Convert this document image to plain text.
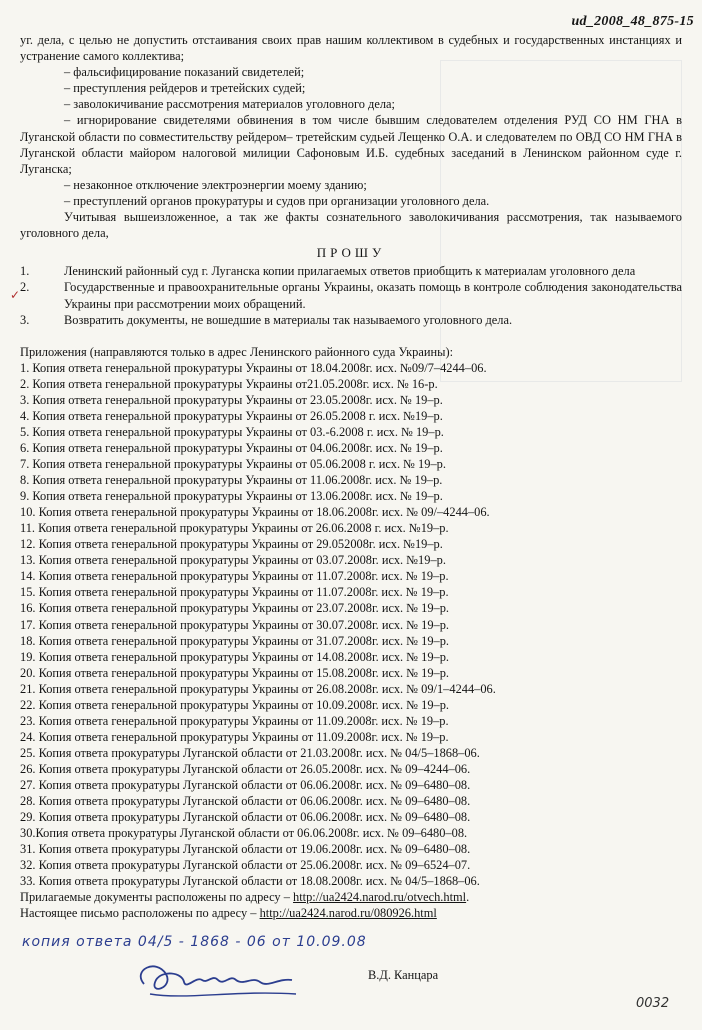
ud_2008_48_875-15
✓

уг. дела, с целью не допустить отстаивания своих прав нашим коллективом в судебных и государственных инстанциях и устранение самого коллектива;

– фальсифицирование показаний свидетелей;

– преступления рейдеров и третейских судей;

– заволокичивание рассмотрения материалов уголовного дела;

– игнорирование свидетелями обвинения в том числе бывшим следователем отделения РУД СО НМ ГНА в Луганской области по совместительству рейдером– третейским судьей Лещенко О.А. и следователем по ОВД СО НМ ГНА в Луганской области майором налоговой милиции Сафоновым И.Б. судебных заседаний в Ленинском районном суде г. Луганска;

– незаконное отключение электроэнергии моему зданию;

– преступлений органов прокуратуры и судов при организации уголовного дела.

Учитывая вышеизложенное, а так же факты сознательного заволокичивания рассмотрения, так называемого уголовного дела,

ПРОШУ
1.	Ленинский районный суд г. Луганска копии прилагаемых ответов приобщить к материалам уголовного дела
2.	Государственные и правоохранительные органы Украины, оказать помощь в контроле соблюдения законодательства Украины при рассмотрении моих обращений.
3.	Возвратить документы, не вошедшие в материалы так называемого уголовного дела.

Приложения (направляются только в адрес Ленинского районного суда Украины):

1. Копия ответа генеральной прокуратуры Украины от 18.04.2008г. исх. №09/7–4244–06.
2. Копия ответа генеральной прокуратуры Украины от21.05.2008г. исх. № 16-р.
3. Копия ответа генеральной прокуратуры Украины от 23.05.2008г. исх. № 19–р.
4. Копия ответа генеральной прокуратуры Украины от 26.05.2008 г. исх. №19–р.
5. Копия ответа генеральной прокуратуры Украины от 03.-6.2008 г. исх. № 19–р.
6. Копия ответа генеральной прокуратуры Украины от 04.06.2008г. исх. № 19–р.
7. Копия ответа генеральной прокуратуры Украины от 05.06.2008 г. исх. № 19–р.
8. Копия ответа генеральной прокуратуры Украины от 11.06.2008г. исх. № 19–р.
9. Копия ответа генеральной прокуратуры Украины от 13.06.2008г. исх. № 19–р.
10. Копия ответа генеральной прокуратуры Украины от 18.06.2008г. исх. № 09/–4244–06.
11. Копия ответа генеральной прокуратуры Украины от 26.06.2008 г. исх. №19–р.
12. Копия ответа генеральной прокуратуры Украины от 29.052008г. исх. №19–р.
13. Копия ответа генеральной прокуратуры Украины от 03.07.2008г. исх. №19–р.
14. Копия ответа генеральной прокуратуры Украины от 11.07.2008г. исх. № 19–р.
15. Копия ответа генеральной прокуратуры Украины от 11.07.2008г. исх. № 19–р.
16. Копия ответа генеральной прокуратуры Украины от 23.07.2008г. исх. № 19–р.
17. Копия ответа генеральной прокуратуры Украины от 30.07.2008г. исх. № 19–р.
18. Копия ответа генеральной прокуратуры Украины от 31.07.2008г. исх. № 19–р.
19. Копия ответа генеральной прокуратуры Украины от 14.08.2008г. исх. № 19–р.
20. Копия ответа генеральной прокуратуры Украины от 15.08.2008г. исх. № 19–р.
21. Копия ответа генеральной прокуратуры Украины от 26.08.2008г. исх. № 09/1–4244–06.
22. Копия ответа генеральной прокуратуры Украины от 10.09.2008г. исх. № 19–р.
23. Копия ответа генеральной прокуратуры Украины от 11.09.2008г. исх. № 19–р.
24. Копия ответа генеральной прокуратуры Украины от 11.09.2008г. исх. № 19–р.
25. Копия ответа прокуратуры Луганской области от 21.03.2008г. исх. № 04/5–1868–06.
26. Копия ответа прокуратуры Луганской области от 26.05.2008г. исх. № 09–4244–06.
27. Копия ответа прокуратуры Луганской области от 06.06.2008г. исх. № 09–6480–08.
28. Копия ответа прокуратуры Луганской области от 06.06.2008г. исх. № 09–6480–08.
29. Копия ответа прокуратуры Луганской области от 06.06.2008г. исх. № 09–6480–08.
30.Копия ответа прокуратуры Луганской области от 06.06.2008г. исх. № 09–6480–08.
31. Копия ответа прокуратуры Луганской области от 19.06.2008г. исх. № 09–6480–08.
32. Копия ответа прокуратуры Луганской области от 25.06.2008г. исх. № 09–6524–07.
33. Копия ответа прокуратуры Луганской области от 18.08.2008г. исх. № 04/5–1868–06.

Прилагаемые документы расположены по адресу – http://ua2424.narod.ru/otvech.html.

Настоящее письмо расположены по адресу – http://ua2424.narod.ru/080926.html

копия ответа 04/5 - 1868 - 06 от 10.09.08
В.Д. Канцара
0032
